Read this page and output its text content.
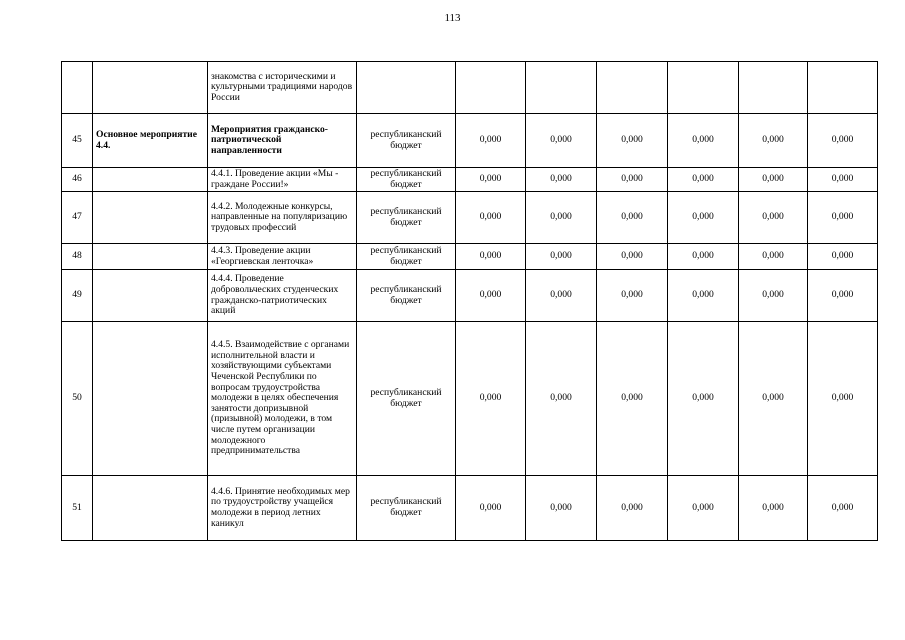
113
		знакомства с историческими и культурными традициями народов России							
45	Основное мероприятие 4.4.	Мероприятия гражданско-патриотической направленности	республиканский бюджет	0,000	0,000	0,000	0,000	0,000	0,000
46		4.4.1. Проведение акции «Мы - граждане России!»	республиканский бюджет	0,000	0,000	0,000	0,000	0,000	0,000
47		4.4.2. Молодежные конкурсы, направленные на популяризацию трудовых профессий	республиканский бюджет	0,000	0,000	0,000	0,000	0,000	0,000
48		4.4.3. Проведение акции «Георгиевская ленточка»	республиканский бюджет	0,000	0,000	0,000	0,000	0,000	0,000
49		4.4.4. Проведение добровольческих студенческих гражданско-патриотических акций	республиканский бюджет	0,000	0,000	0,000	0,000	0,000	0,000
50		4.4.5. Взаимодействие с органами исполнительной власти и хозяйствующими субъектами Чеченской Республики по вопросам трудоустройства молодежи в целях обеспечения занятости допризывной (призывной) молодежи, в том числе путем организации молодежного предпринимательства	республиканский бюджет	0,000	0,000	0,000	0,000	0,000	0,000
51		4.4.6. Принятие необходимых мер по трудоустройству учащейся молодежи в период летних каникул	республиканский бюджет	0,000	0,000	0,000	0,000	0,000	0,000
